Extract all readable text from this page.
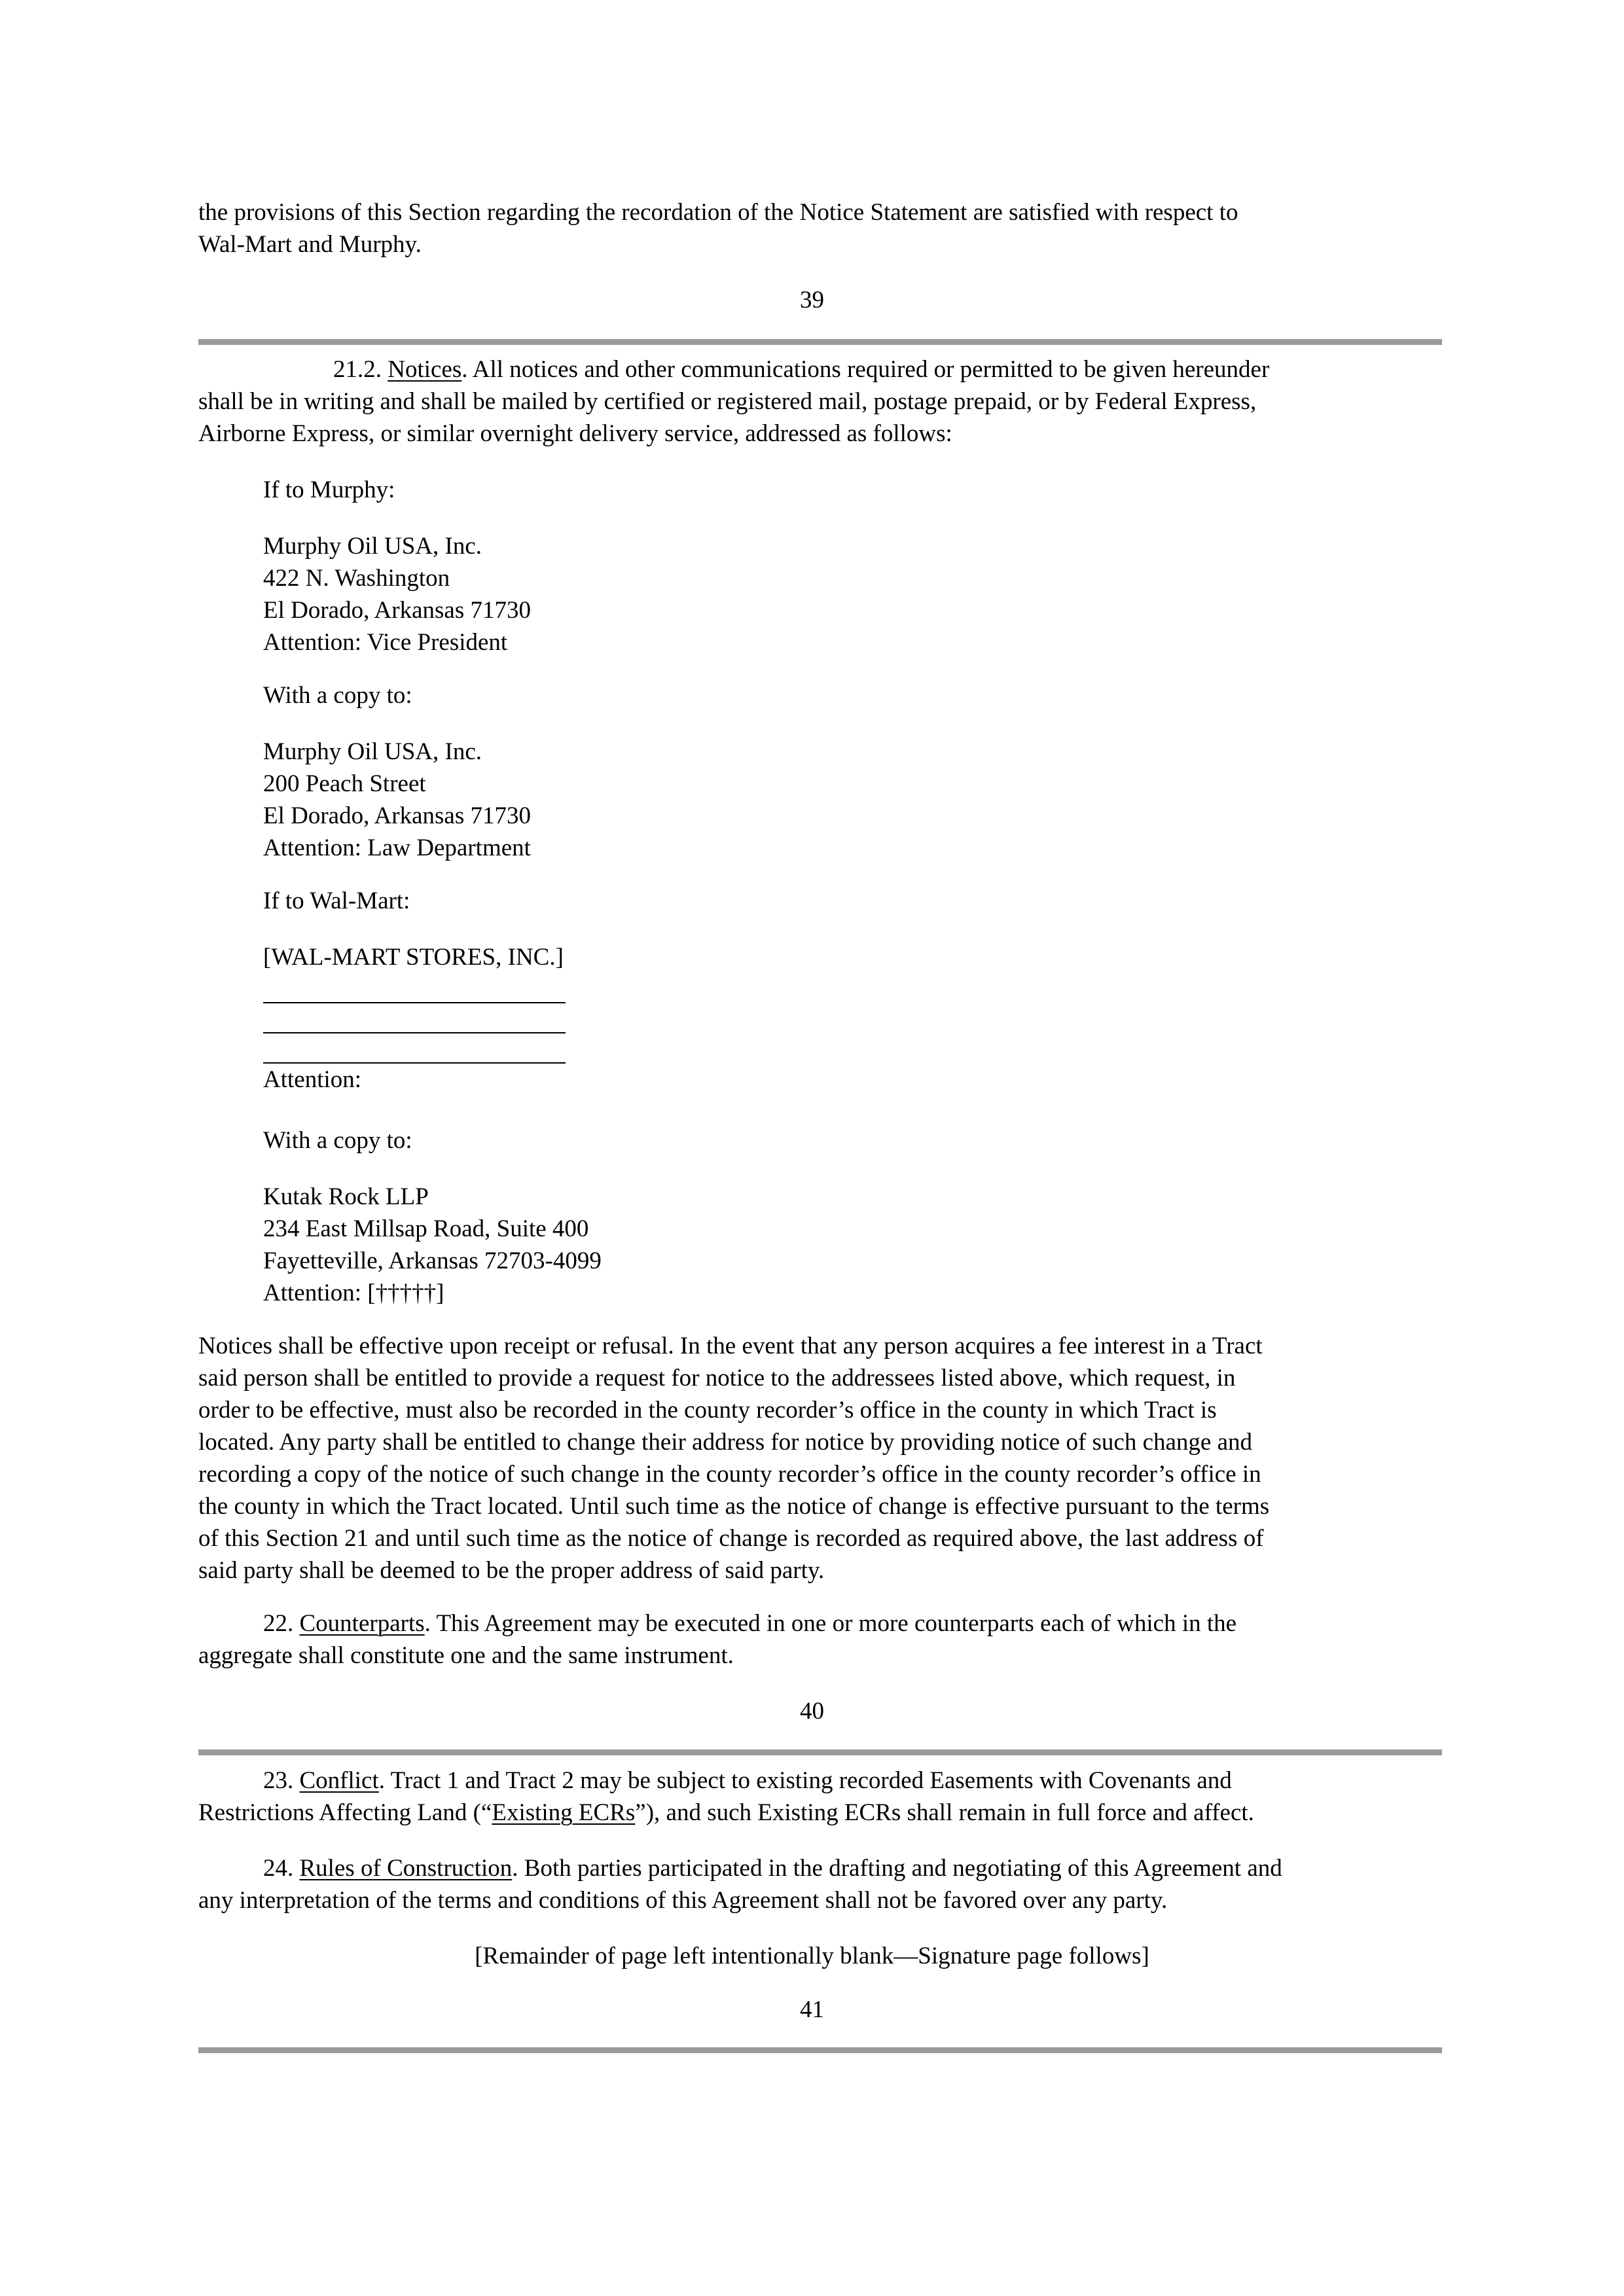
the provisions of this Section regarding the recordation of the Notice Statement are satisfied with respect to
Wal-Mart and Murphy.

39

21.2. Notices. All notices and other communications required or permitted to be given hereunder
shall be in writing and shall be mailed by certified or registered mail, postage prepaid, or by Federal Express,
Airborne Express, or similar overnight delivery service, addressed as follows:
If to Murphy:
Murphy Oil USA, Inc.
422 N. Washington
El Dorado, Arkansas 71730
Attention: Vice President
With a copy to:
Murphy Oil USA, Inc.
200 Peach Street
El Dorado, Arkansas 71730
Attention: Law Department
If to Wal-Mart:
[WAL-MART STORES, INC.]
Attention:
With a copy to:
Kutak Rock LLP
234 East Millsap Road, Suite 400
Fayetteville, Arkansas 72703-4099
Attention: [†††††]
Notices shall be effective upon receipt or refusal. In the event that any person acquires a fee interest in a Tract
said person shall be entitled to provide a request for notice to the addressees listed above, which request, in
order to be effective, must also be recorded in the county recorder’s office in the county in which Tract is
located. Any party shall be entitled to change their address for notice by providing notice of such change and
recording a copy of the notice of such change in the county recorder’s office in the county recorder’s office in
the county in which the Tract located. Until such time as the notice of change is effective pursuant to the terms
of this Section 21 and until such time as the notice of change is recorded as required above, the last address of
said party shall be deemed to be the proper address of said party.
22. Counterparts. This Agreement may be executed in one or more counterparts each of which in the
aggregate shall constitute one and the same instrument.

40

23. Conflict. Tract 1 and Tract 2 may be subject to existing recorded Easements with Covenants and
Restrictions Affecting Land (“Existing ECRs”), and such Existing ECRs shall remain in full force and affect.
24. Rules of Construction. Both parties participated in the drafting and negotiating of this Agreement and
any interpretation of the terms and conditions of this Agreement shall not be favored over any party.

[Remainder of page left intentionally blank—Signature page follows]

41
